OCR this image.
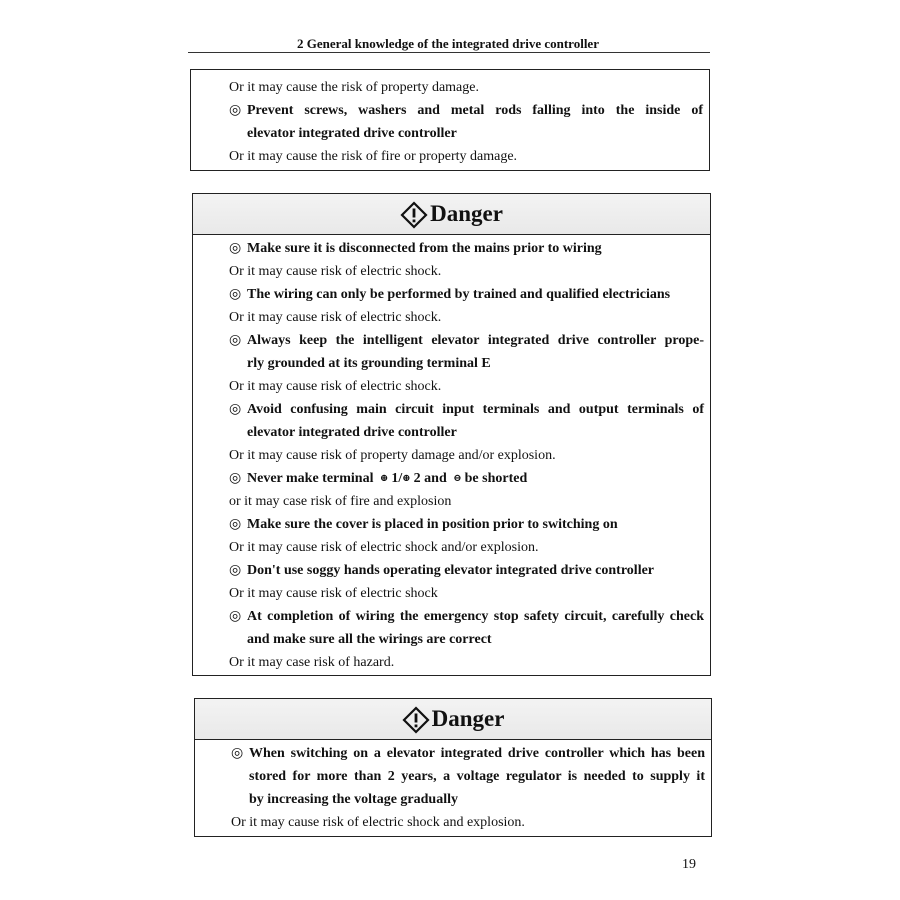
2 General knowledge of the integrated drive controller
Or it may cause the risk of property damage.
◎ Prevent screws, washers and metal rods falling into the inside of
elevator integrated drive controller
Or it may cause the risk of fire or property damage.
Danger
◎ Make sure it is disconnected from the mains prior to wiring
Or it may cause risk of electric shock.
◎ The wiring can only be performed by trained and qualified electricians
Or it may cause risk of electric shock.
◎ Always keep the intelligent elevator integrated drive controller prope-
rly grounded at its grounding terminal E
Or it may cause risk of electric shock.
◎ Avoid confusing main circuit input terminals and output terminals of
elevator integrated drive controller
Or it may cause risk of property damage and/or explosion.
◎ Never make terminal ⊕ 1/⊕ 2 and ⊖ be shorted
or it may case risk of fire and explosion
◎ Make sure the cover is placed in position prior to switching on
Or it may cause risk of electric shock and/or explosion.
◎ Don't use soggy hands operating elevator integrated drive controller
Or it may cause risk of electric shock
◎ At completion of wiring the emergency stop safety circuit, carefully check
and make sure all the wirings are correct
Or it may case risk of hazard.
Danger
◎ When switching on a elevator integrated drive controller which has been
stored for more than 2 years, a voltage regulator is needed to supply it
by increasing the voltage gradually
Or it may cause risk of electric shock and explosion.
19
